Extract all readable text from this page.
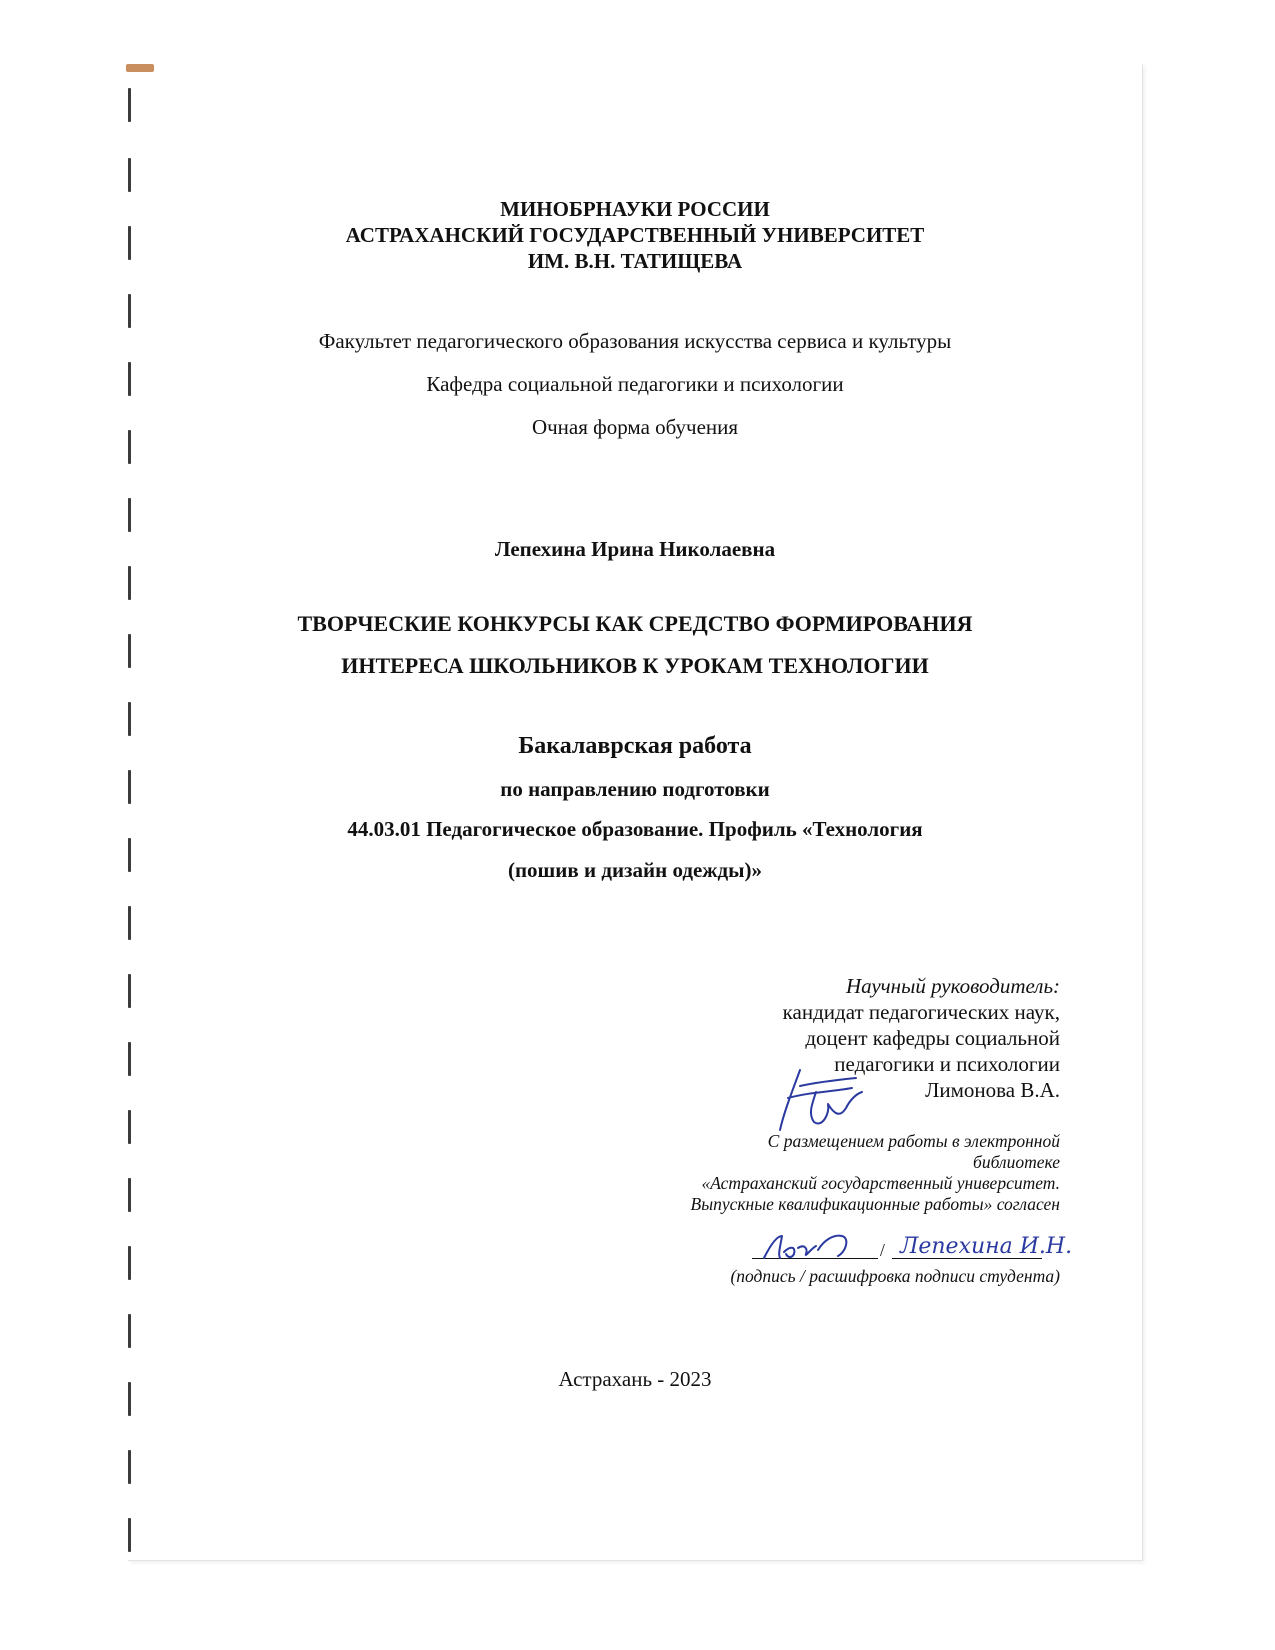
МИНОБРНАУКИ РОССИИ
АСТРАХАНСКИЙ ГОСУДАРСТВЕННЫЙ УНИВЕРСИТЕТ
ИМ. В.Н. ТАТИЩЕВА
Факультет педагогического образования искусства сервиса и культуры
Кафедра социальной педагогики и психологии
Очная форма обучения
Лепехина Ирина Николаевна
ТВОРЧЕСКИЕ КОНКУРСЫ КАК СРЕДСТВО ФОРМИРОВАНИЯ
ИНТЕРЕСА ШКОЛЬНИКОВ К УРОКАМ ТЕХНОЛОГИИ
Бакалаврская работа
по направлению подготовки
44.03.01 Педагогическое образование. Профиль «Технология
(пошив и дизайн одежды)»
Научный руководитель:
кандидат педагогических наук,
доцент кафедры социальной
педагогики и психологии
Лимонова В.А.
С размещением работы в электронной
библиотеке
«Астраханский государственный университет.
Выпускные квалификационные работы» согласен
/ Лепехина И.Н.
(подпись / расшифровка подписи студента)
Астрахань - 2023
